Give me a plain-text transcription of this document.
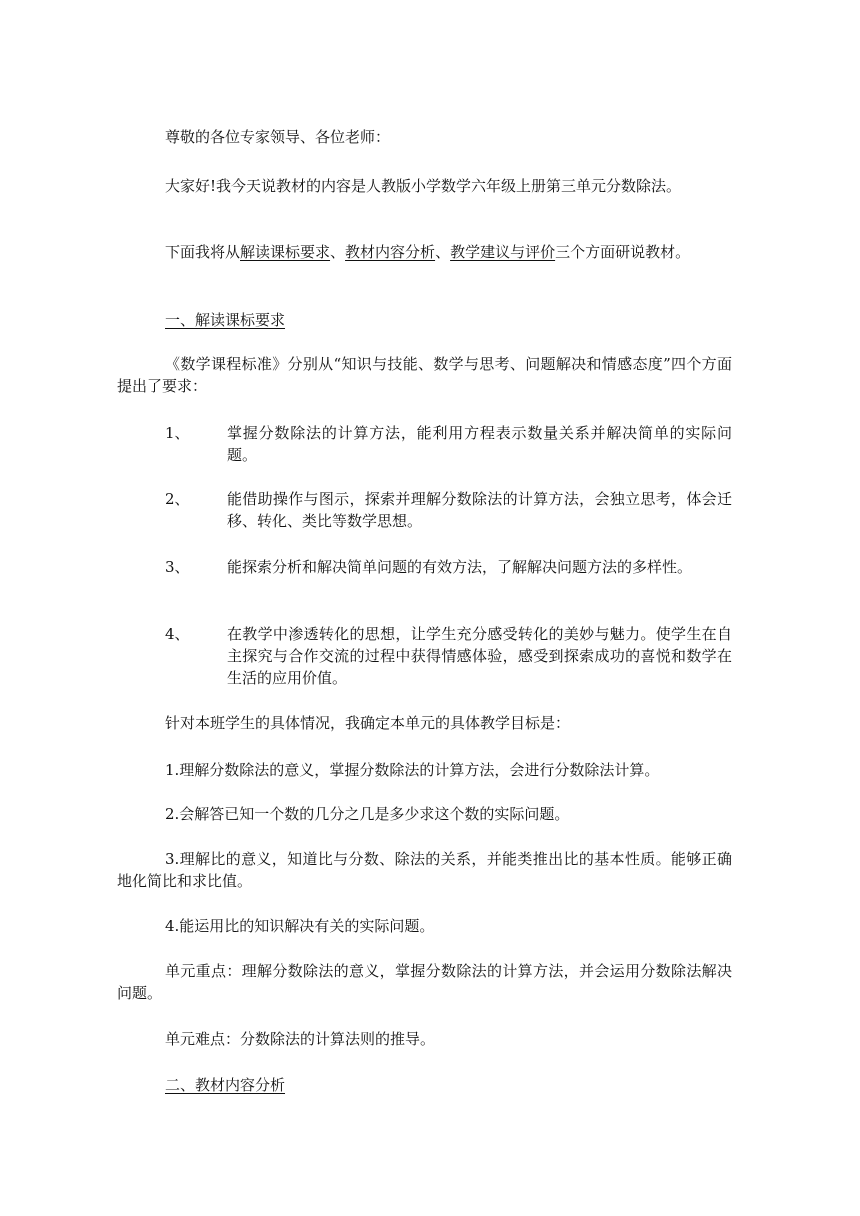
尊敬的各位专家领导、各位老师：

大家好!我今天说教材的内容是人教版小学数学六年级上册第三单元分数除法。

下面我将从解读课标要求、教材内容分析、教学建议与评价三个方面研说教材。

一、解读课标要求

《数学课程标准》分别从“知识与技能、数学与思考、问题解决和情感态度”四个方面提出了要求：

1、 掌握分数除法的计算方法，能利用方程表示数量关系并解决简单的实际问题。
2、 能借助操作与图示，探索并理解分数除法的计算方法，会独立思考，体会迁移、转化、类比等数学思想。
3、 能探索分析和解决简单问题的有效方法，了解解决问题方法的多样性。
4、 在教学中渗透转化的思想，让学生充分感受转化的美妙与魅力。使学生在自主探究与合作交流的过程中获得情感体验，感受到探索成功的喜悦和数学在生活的应用价值。

针对本班学生的具体情况，我确定本单元的具体教学目标是：

1.理解分数除法的意义，掌握分数除法的计算方法，会进行分数除法计算。

2.会解答已知一个数的几分之几是多少求这个数的实际问题。

3.理解比的意义，知道比与分数、除法的关系，并能类推出比的基本性质。能够正确地化简比和求比值。

4.能运用比的知识解决有关的实际问题。

单元重点：理解分数除法的意义，掌握分数除法的计算方法，并会运用分数除法解决问题。

单元难点：分数除法的计算法则的推导。

二、教材内容分析
